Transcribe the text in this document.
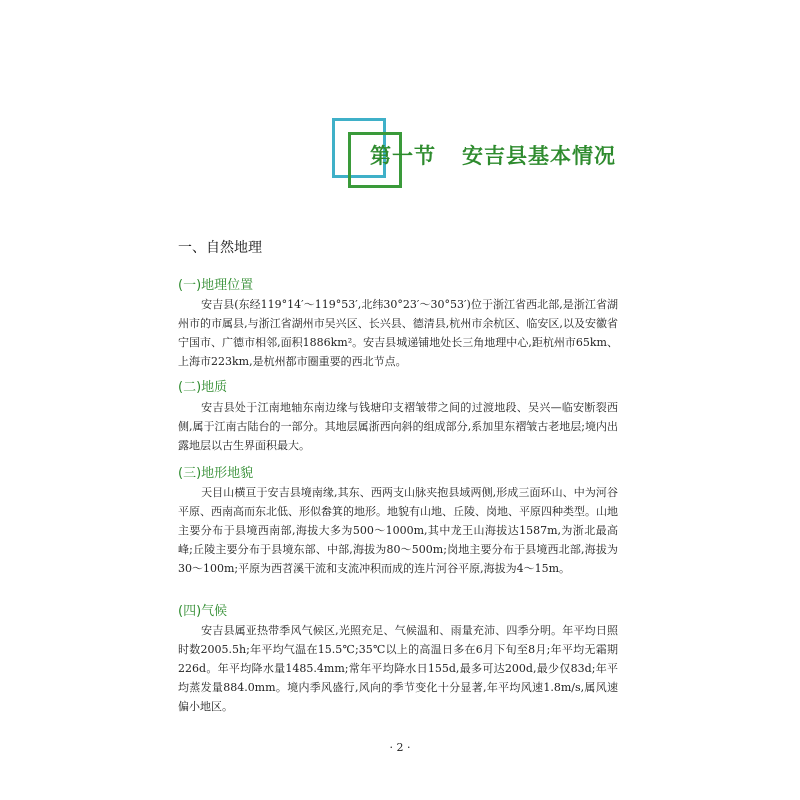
第一节 安吉县基本情况
一、自然地理
(一)地理位置

安吉县(东经119°14′～119°53′,北纬30°23′～30°53′)位于浙江省西北部,是浙江省湖州市的市属县,与浙江省湖州市吴兴区、长兴县、德清县,杭州市余杭区、临安区,以及安徽省宁国市、广德市相邻,面积1886km²。安吉县城递铺地处长三角地理中心,距杭州市65km、上海市223km,是杭州都市圈重要的西北节点。

(二)地质

安吉县处于江南地轴东南边缘与钱塘印支褶皱带之间的过渡地段、吴兴—临安断裂西侧,属于江南古陆台的一部分。其地层属浙西向斜的组成部分,系加里东褶皱古老地层;境内出露地层以古生界面积最大。

(三)地形地貌

天目山横亘于安吉县境南缘,其东、西两支山脉夹抱县域两侧,形成三面环山、中为河谷平原、西南高而东北低、形似畚箕的地形。地貌有山地、丘陵、岗地、平原四种类型。山地主要分布于县境西南部,海拔大多为500～1000m,其中龙王山海拔达1587m,为浙北最高峰;丘陵主要分布于县境东部、中部,海拔为80～500m;岗地主要分布于县境西北部,海拔为30～100m;平原为西苕溪干流和支流冲积而成的连片河谷平原,海拔为4～15m。

(四)气候

安吉县属亚热带季风气候区,光照充足、气候温和、雨量充沛、四季分明。年平均日照时数2005.5h;年平均气温在15.5℃;35℃以上的高温日多在6月下旬至8月;年平均无霜期226d。年平均降水量1485.4mm;常年平均降水日155d,最多可达200d,最少仅83d;年平均蒸发量884.0mm。境内季风盛行,风向的季节变化十分显著,年平均风速1.8m/s,属风速偏小地区。

· 2 ·
